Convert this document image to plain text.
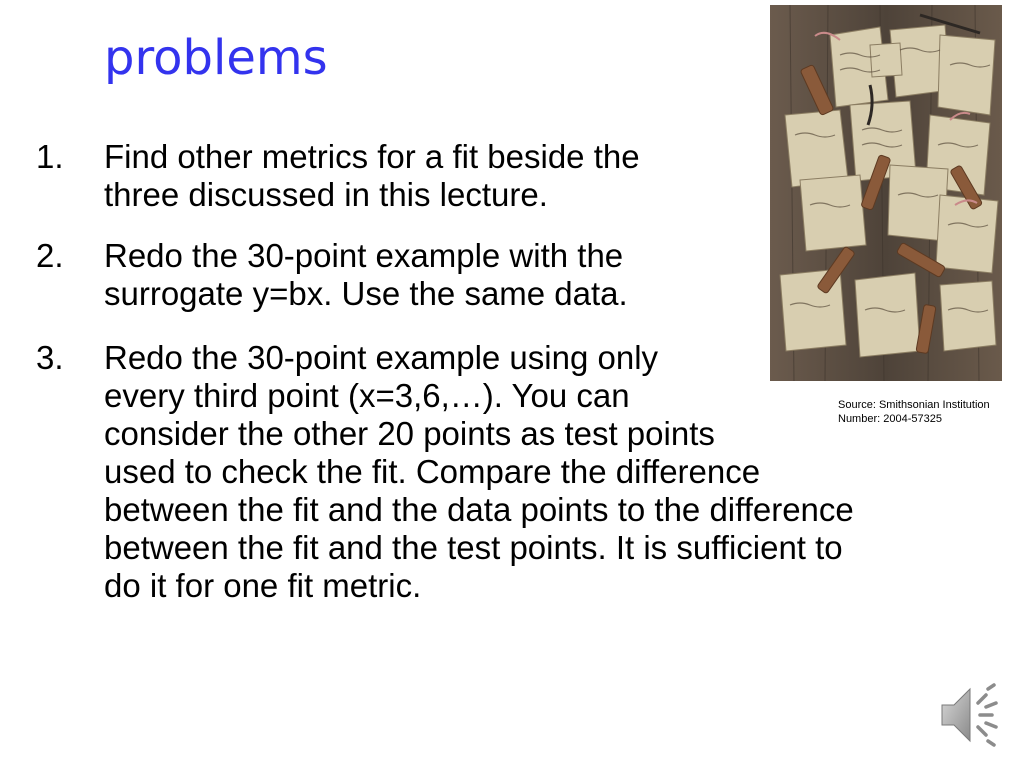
problems
1. Find other metrics for a fit beside the
three discussed in this lecture.
2. Redo the 30-point example with the
surrogate y=bx. Use the same data.
3. Redo the 30-point example using only
every third point (x=3,6,…). You can
consider the other 20 points as test points
used to check the fit. Compare the difference
between the fit and the data points to the difference
between the fit and the test points. It is sufficient to
do it for one fit metric.
Source: Smithsonian Institution
Number: 2004-57325
